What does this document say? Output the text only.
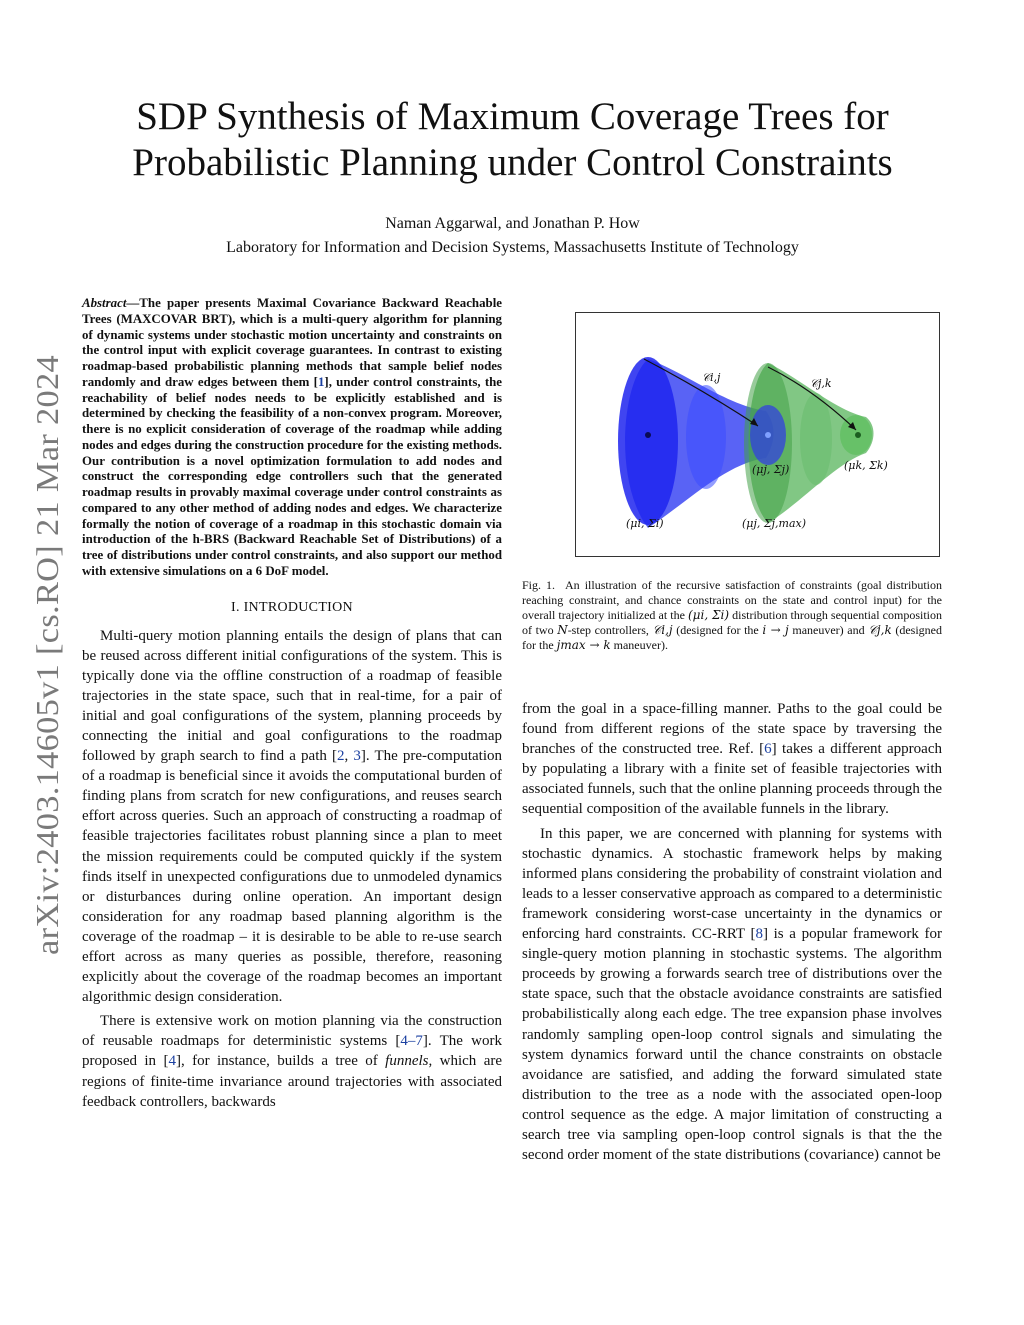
arXiv:2403.14605v1 [cs.RO] 21 Mar 2024
SDP Synthesis of Maximum Coverage Trees for
Probabilistic Planning under Control Constraints
Naman Aggarwal, and Jonathan P. How
Laboratory for Information and Decision Systems, Massachusetts Institute of Technology

Abstract—The paper presents Maximal Covariance Backward Reachable Trees (MAXCOVAR BRT), which is a multi-query algorithm for planning of dynamic systems under stochastic motion uncertainty and constraints on the control input with explicit coverage guarantees. In contrast to existing roadmap-based probabilistic planning methods that sample belief nodes randomly and draw edges between them [1], under control constraints, the reachability of belief nodes needs to be explicitly established and is determined by checking the feasibility of a non-convex program. Moreover, there is no explicit consideration of coverage of the roadmap while adding nodes and edges during the construction procedure for the existing methods. Our contribution is a novel optimization formulation to add nodes and construct the corresponding edge controllers such that the generated roadmap results in provably maximal coverage under control constraints as compared to any other method of adding nodes and edges. We characterize formally the notion of coverage of a roadmap in this stochastic domain via introduction of the h-BRS (Backward Reachable Set of Distributions) of a tree of distributions under control constraints, and also support our method with extensive simulations on a 6 DoF model.

I. INTRODUCTION

Multi-query motion planning entails the design of plans that can be reused across different initial configurations of the system. This is typically done via the offline construction of a roadmap of feasible trajectories in the state space, such that in real-time, for a pair of initial and goal configurations of the system, planning proceeds by connecting the initial and goal configurations to the roadmap followed by graph search to find a path [2, 3]. The pre-computation of a roadmap is beneficial since it avoids the computational burden of finding plans from scratch for new configurations, and reuses search effort across queries. Such an approach of constructing a roadmap of feasible trajectories facilitates robust planning since a plan to meet the mission requirements could be computed quickly if the system finds itself in unexpected configurations due to unmodeled dynamics or disturbances during online operation. An important design consideration for any roadmap based planning algorithm is the coverage of the roadmap – it is desirable to be able to re-use search effort across as many queries as possible, therefore, reasoning explicitly about the coverage of the roadmap becomes an important algorithmic design consideration.

There is extensive work on motion planning via the construction of reusable roadmaps for deterministic systems [4–7]. The work proposed in [4], for instance, builds a tree of funnels, which are regions of finite-time invariance around trajectories with associated feedback controllers, backwards

𝒞i,j	𝒞j,k
(μj, Σj)	(μk, Σk)
(μi, Σi)	(μj, Σj,max)

Fig. 1. An illustration of the recursive satisfaction of constraints (goal distribution reaching constraint, and chance constraints on the state and control input) for the overall trajectory initialized at the (μi, Σi) distribution through sequential composition of two N-step controllers, 𝒞i,j (designed for the i → j maneuver) and 𝒞j,k (designed for the jmax → k maneuver).

from the goal in a space-filling manner. Paths to the goal could be found from different regions of the state space by traversing the branches of the constructed tree. Ref. [6] takes a different approach by populating a library with a finite set of feasible trajectories with associated funnels, such that the online planning proceeds through the sequential composition of the available funnels in the library.

In this paper, we are concerned with planning for systems with stochastic dynamics. A stochastic framework helps by making informed plans considering the probability of constraint violation and leads to a lesser conservative approach as compared to a deterministic framework considering worst-case uncertainty in the dynamics or enforcing hard constraints. CC-RRT [8] is a popular framework for single-query motion planning in stochastic systems. The algorithm proceeds by growing a forwards search tree of distributions over the state space, such that the obstacle avoidance constraints are satisfied probabilistically along each edge. The tree expansion phase involves randomly sampling open-loop control signals and simulating the system dynamics forward until the chance constraints on obstacle avoidance are satisfied, and adding the forward simulated state distribution to the tree as a node with the associated open-loop control sequence as the edge. A major limitation of constructing a search tree via sampling open-loop control signals is that the the second order moment of the state distributions (covariance) cannot be
